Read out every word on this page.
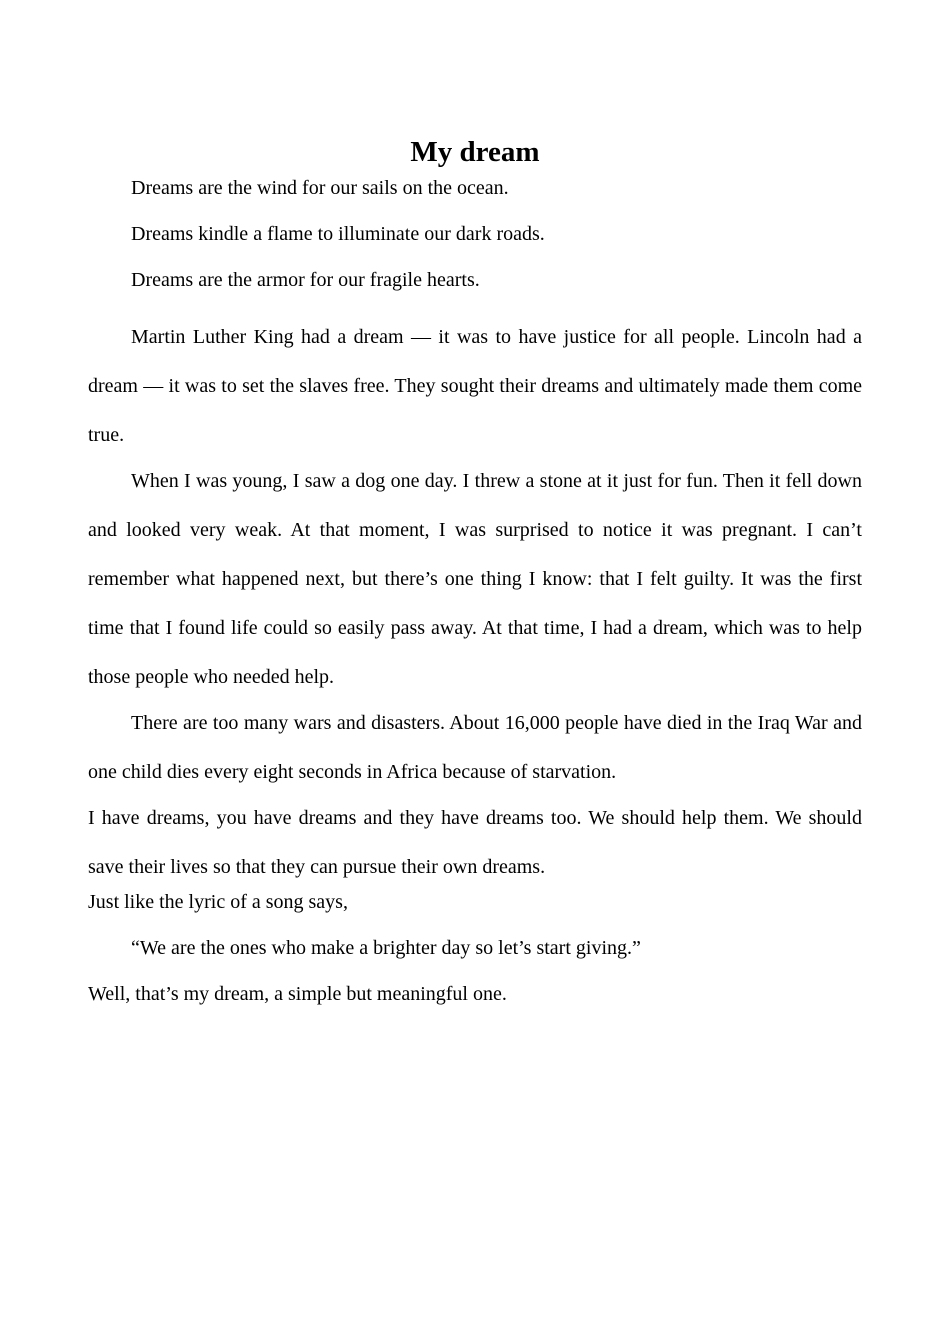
My dream

Dreams are the wind for our sails on the ocean.

Dreams kindle a flame to illuminate our dark roads.

Dreams are the armor for our fragile hearts.

Martin Luther King had a dream — it was to have justice for all people. Lincoln had a dream — it was to set the slaves free. They sought their dreams and ultimately made them come true.

When I was young, I saw a dog one day. I threw a stone at it just for fun. Then it fell down and looked very weak. At that moment, I was surprised to notice it was pregnant. I can’t remember what happened next, but there’s one thing I know: that I felt guilty. It was the first time that I found life could so easily pass away. At that time, I had a dream, which was to help those people who needed help.

There are too many wars and disasters. About 16,000 people have died in the Iraq War and one child dies every eight seconds in Africa because of starvation.

I have dreams, you have dreams and they have dreams too. We should help them. We should save their lives so that they can pursue their own dreams.

Just like the lyric of a song says,

“We are the ones who make a brighter day so let’s start giving.”

Well, that’s my dream, a simple but meaningful one.
